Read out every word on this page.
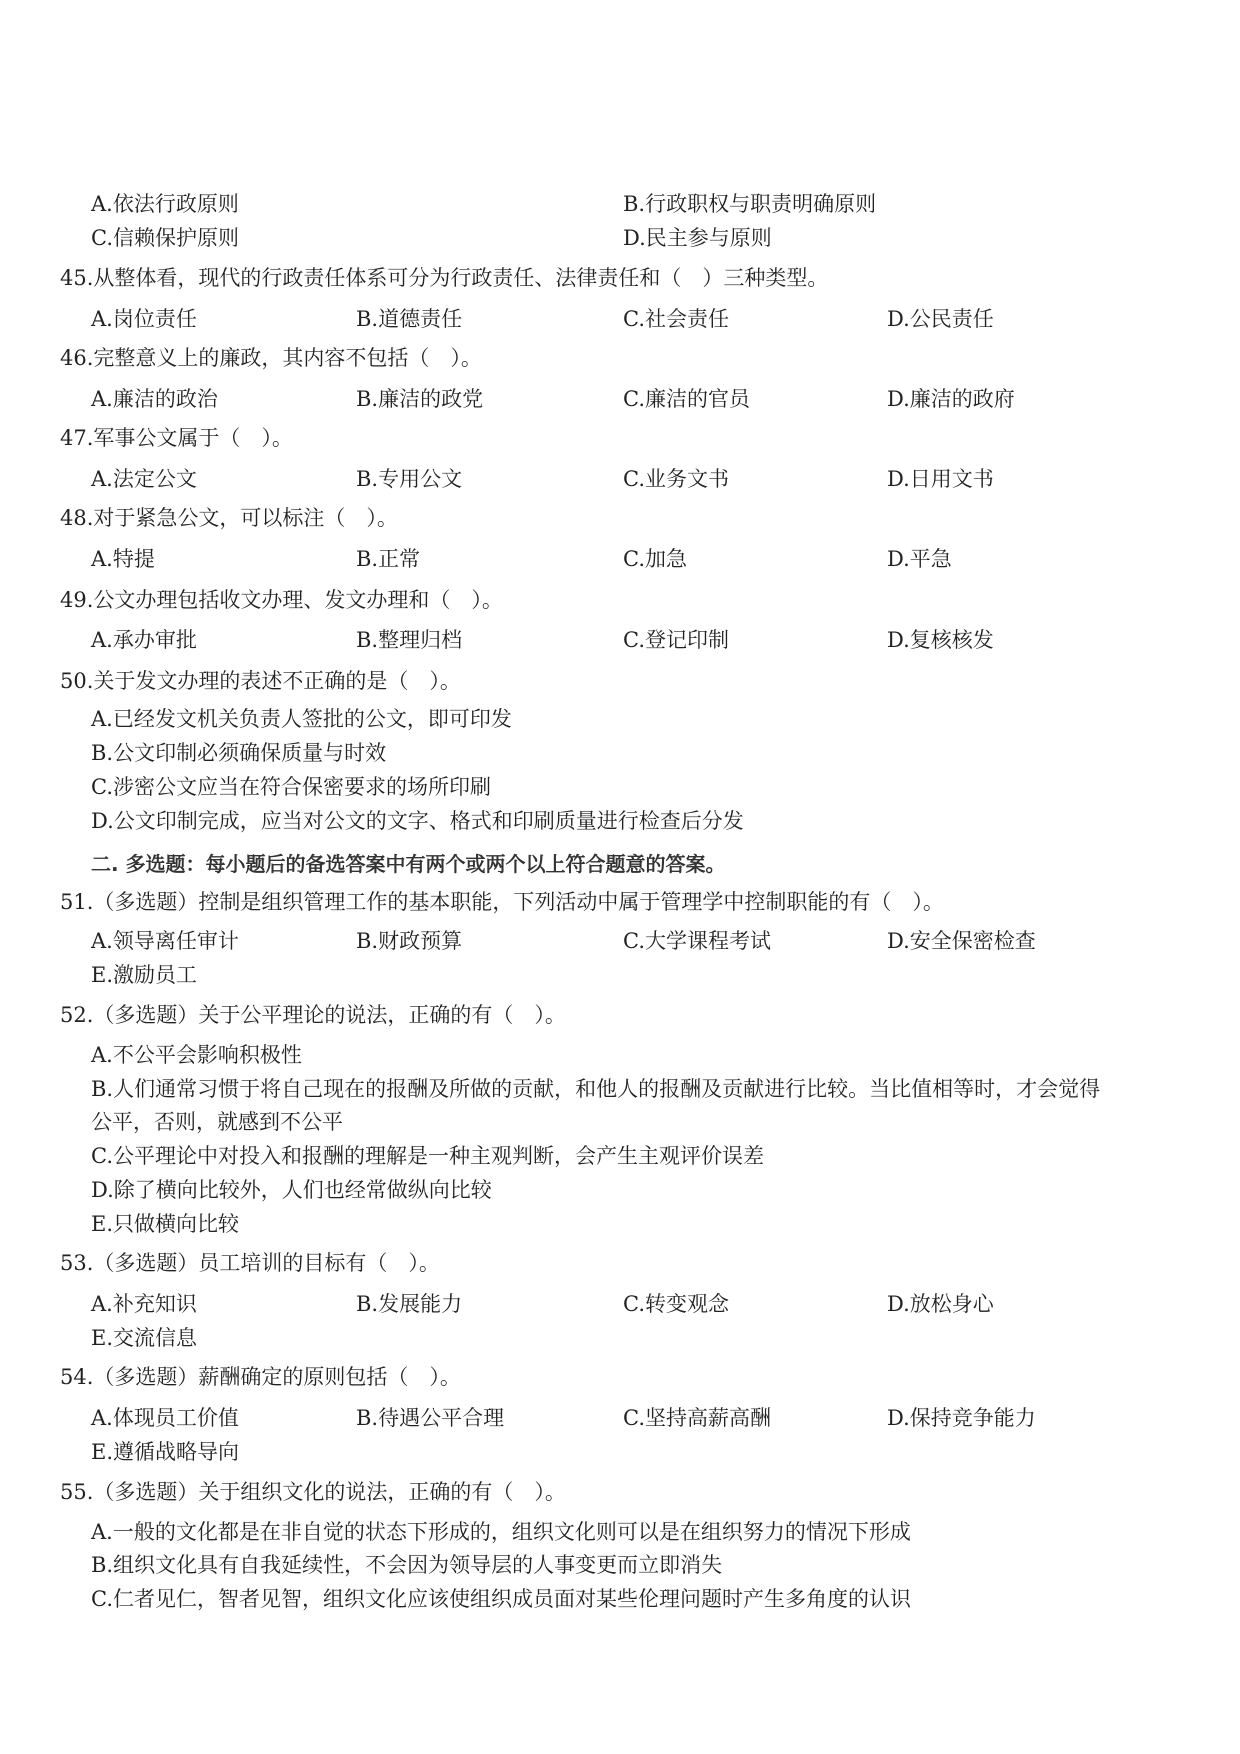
A.依法行政原则	B.行政职权与职责明确原则
C.信赖保护原则	D.民主参与原则
45.从整体看，现代的行政责任体系可分为行政责任、法律责任和（　）三种类型。
A.岗位责任	B.道德责任	C.社会责任	D.公民责任
46.完整意义上的廉政，其内容不包括（　）。
A.廉洁的政治	B.廉洁的政党	C.廉洁的官员	D.廉洁的政府
47.军事公文属于（　）。
A.法定公文	B.专用公文	C.业务文书	D.日用文书
48.对于紧急公文，可以标注（　）。
A.特提	B.正常	C.加急	D.平急
49.公文办理包括收文办理、发文办理和（　）。
A.承办审批	B.整理归档	C.登记印制	D.复核核发
50.关于发文办理的表述不正确的是（　）。
A.已经发文机关负责人签批的公文，即可印发
B.公文印制必须确保质量与时效
C.涉密公文应当在符合保密要求的场所印刷
D.公文印制完成，应当对公文的文字、格式和印刷质量进行检查后分发
二. 多选题：每小题后的备选答案中有两个或两个以上符合题意的答案。
51.（多选题）控制是组织管理工作的基本职能，下列活动中属于管理学中控制职能的有（　）。
A.领导离任审计	B.财政预算	C.大学课程考试	D.安全保密检查
E.激励员工
52.（多选题）关于公平理论的说法，正确的有（　）。
A.不公平会影响积极性
B.人们通常习惯于将自己现在的报酬及所做的贡献，和他人的报酬及贡献进行比较。当比值相等时，才会觉得
公平，否则，就感到不公平
C.公平理论中对投入和报酬的理解是一种主观判断，会产生主观评价误差
D.除了横向比较外，人们也经常做纵向比较
E.只做横向比较
53.（多选题）员工培训的目标有（　）。
A.补充知识	B.发展能力	C.转变观念	D.放松身心
E.交流信息
54.（多选题）薪酬确定的原则包括（　）。
A.体现员工价值	B.待遇公平合理	C.坚持高薪高酬	D.保持竞争能力
E.遵循战略导向
55.（多选题）关于组织文化的说法，正确的有（　）。
A.一般的文化都是在非自觉的状态下形成的，组织文化则可以是在组织努力的情况下形成
B.组织文化具有自我延续性，不会因为领导层的人事变更而立即消失
C.仁者见仁，智者见智，组织文化应该使组织成员面对某些伦理问题时产生多角度的认识
